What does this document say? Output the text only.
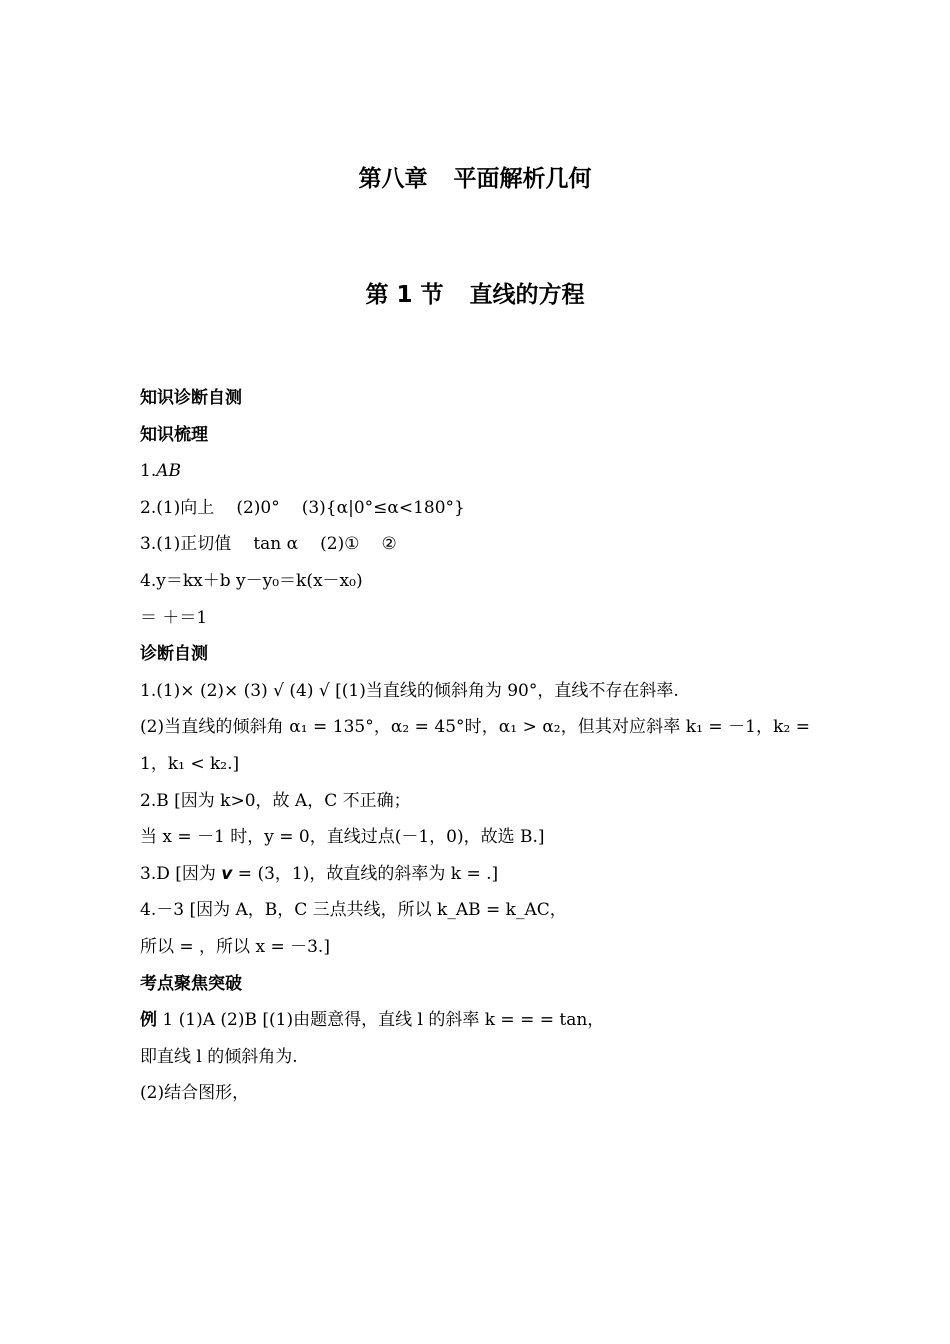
第八章 平面解析几何
第 1 节 直线的方程
知识诊断自测
知识梳理
1.AB
2.(1)向上 (2)0° (3){α|0°≤α<180°}
3.(1)正切值 tan α (2)① ②
4.y＝kx＋b y－y₀＝k(x－x₀)
＝ ＋＝1
诊断自测
1.(1)× (2)× (3) √ (4) √ [(1)当直线的倾斜角为 90°，直线不存在斜率.
(2)当直线的倾斜角 α₁ = 135°，α₂ = 45°时，α₁ > α₂，但其对应斜率 k₁ = －1，k₂ =
1，k₁ < k₂.]
2.B [因为 k>0，故 A，C 不正确；
当 x = －1 时，y = 0，直线过点(－1，0)，故选 B.]
3.D [因为 v = (3，1)，故直线的斜率为 k = .]
4.－3 [因为 A，B，C 三点共线，所以 k_AB = k_AC，
所以 = ，所以 x = －3.]
考点聚焦突破
例 1 (1)A (2)B [(1)由题意得，直线 l 的斜率 k = = = tan，
即直线 l 的倾斜角为.
(2)结合图形，
